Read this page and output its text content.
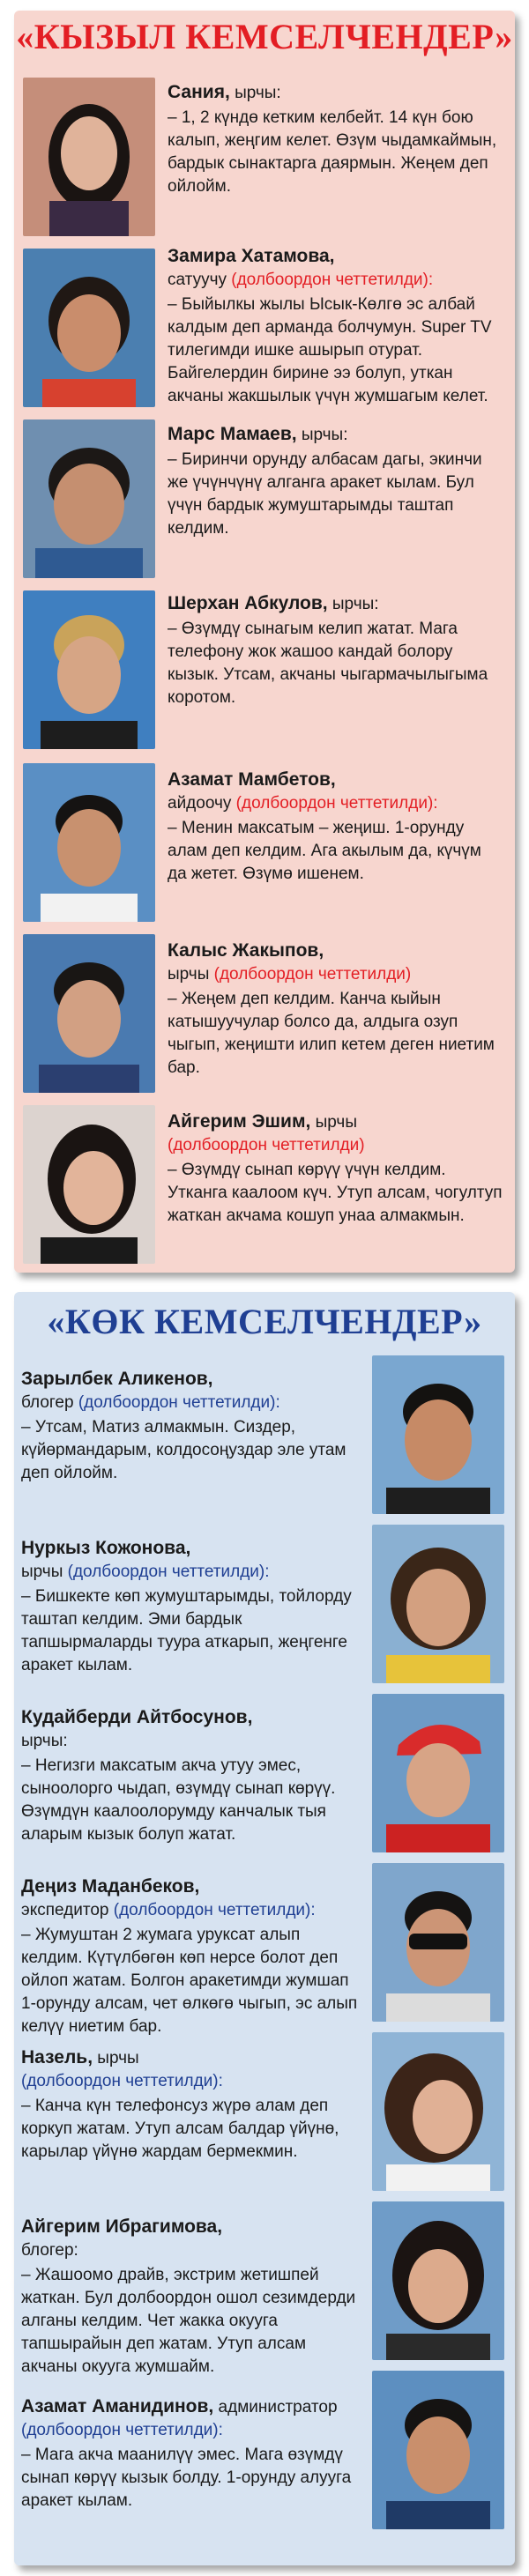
«КЫЗЫЛ КЕМСЕЛЧЕНДЕР»
Сания, ырчы:
– 1, 2 күндө кетким келбейт. 14 күн бою калып, жеңгим келет. Өзүм чыдамкаймын, бардык сынактарга даярмын. Жеңем деп ойлойм.
Замира Хатамова,
сатуучу (долбоордон четтетилди):
– Быйылкы жылы Ысык-Көлгө эс албай калдым деп арманда болчумун. Super TV тилегимди ишке ашырып отурат. Байгелердин бирине ээ болуп, уткан акчаны жакшылык үчүн жумшагым келет.
Марс Мамаев, ырчы:
– Биринчи орунду албасам дагы, экинчи же үчүнчүнү алганга аракет кылам. Бул үчүн бардык жумуштарымды таштап келдим.
Шерхан Абкулов, ырчы:
– Өзүмдү сынагым келип жатат. Мага телефону жок жашоо кандай болору кызык. Утсам, акчаны чыгармачылыгыма коротом.
Азамат Мамбетов,
айдоочу (долбоордон четтетилди):
– Менин максатым – жеңиш. 1-орунду алам деп келдим. Ага акылым да, күчүм да жетет. Өзүмө ишенем.
Калыс Жакыпов,
ырчы (долбоордон четтетилди)
– Жеңем деп келдим. Канча кыйын катышуучулар болсо да, алдыга озуп чыгып, жеңишти илип кетем деген ниетим бар.
Айгерим Эшим, ырчы
(долбоордон четтетилди)
– Өзүмдү сынап көрүү үчүн келдим. Утканга каалоом күч. Утуп алсам, чогултуп жаткан акчама кошуп унаа алмакмын.
«КӨК КЕМСЕЛЧЕНДЕР»
Зарылбек Аликенов,
блогер (долбоордон четтетилди):
– Утсам, Матиз алмакмын. Сиздер, күйөрмандарым, колдосоңуздар эле утам деп ойлойм.
Нуркыз Кожонова,
ырчы (долбоордон четтетилди):
– Бишкекте көп жумуштарымды, тойлорду таштап келдим. Эми бардык тапшырмаларды туура аткарып, жеңгенге аракет кылам.
Кудайберди Айтбосунов,
ырчы:
– Негизги максатым акча утуу эмес, сыноолорго чыдап, өзүмдү сынап көрүү. Өзүмдүн каалоолорумду канчалык тыя аларым кызык болуп жатат.
Деңиз Маданбеков,
экспедитор (долбоордон четтетилди):
– Жумуштан 2 жумага уруксат алып келдим. Күтүлбөгөн көп нерсе болот деп ойлоп жатам. Болгон аракетимди жумшап 1-орунду алсам, чет өлкөгө чыгып, эс алып келүү ниетим бар.
Назель, ырчы
(долбоордон четтетилди):
– Канча күн телефонсуз жүрө алам деп коркуп жатам. Утуп алсам балдар үйүнө, карылар үйүнө жардам бермекмин.
Айгерим Ибрагимова,
блогер:
– Жашоомо драйв, экстрим жетишпей жаткан. Бул долбоордон ошол сезимдерди алганы келдим. Чет жакка окууга тапшырайын деп жатам. Утуп алсам акчаны окууга жумшайм.
Азамат Аманидинов, администратор
(долбоордон четтетилди):
– Мага акча маанилүү эмес. Мага өзүмдү сынап көрүү кызык болду. 1-орунду алууга аракет кылам.
